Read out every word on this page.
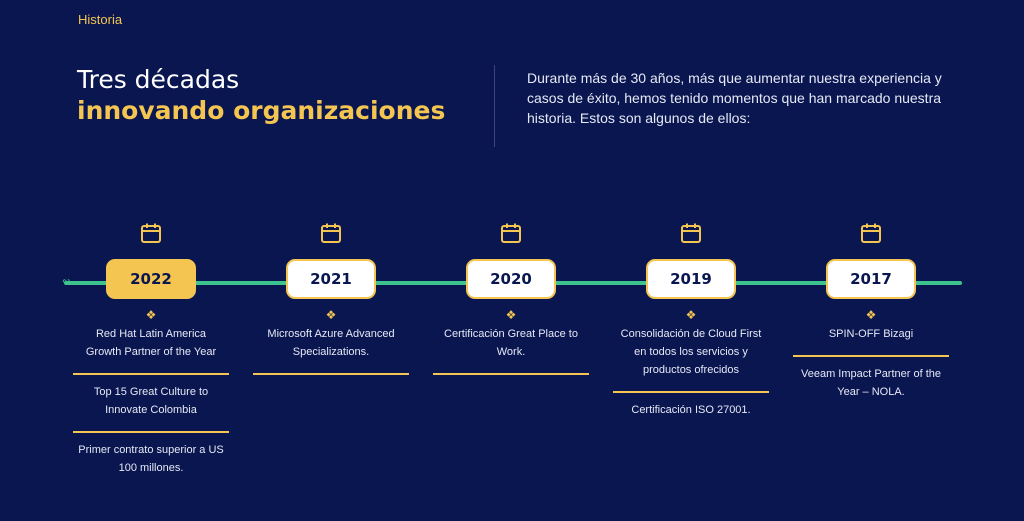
Historia
Tres décadas
innovando organizaciones

Durante más de 30 años, más que aumentar nuestra experiencia y casos de éxito, hemos tenido momentos que han marcado nuestra historia. Estos son algunos de ellos:

∾	2022
❖
Red Hat Latin America Growth Partner of the Year
Top 15 Great Culture to Innovate Colombia
Primer contrato superior a US 100 millones.
2021
❖
Microsoft Azure Advanced Specializations.
2020
❖
Certificación Great Place to Work.
2019
❖
Consolidación de Cloud First en todos los servicios y productos ofrecidos
Certificación ISO 27001.
2017
❖
SPIN-OFF Bizagi
Veeam Impact Partner of the Year – NOLA.
